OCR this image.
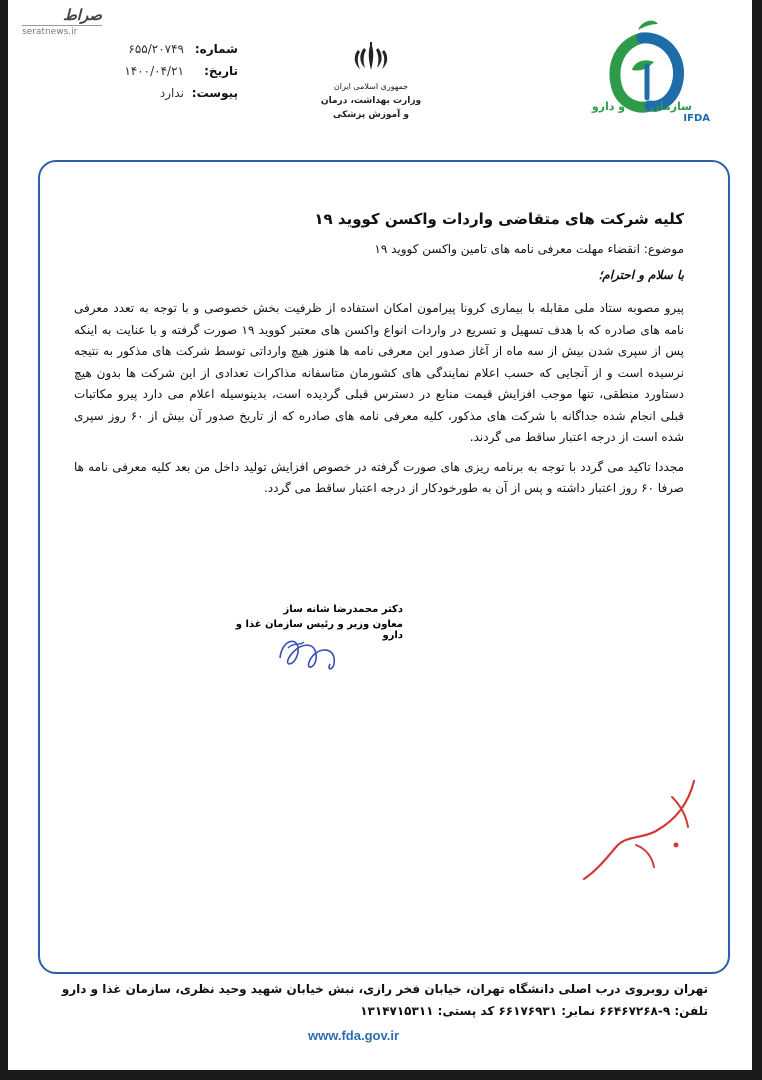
صراط
seratnews.ir
شماره:
۶۵۵/۲۰۷۴۹
تاریخ:
۱۴۰۰/۰۴/۲۱
پیوست:
ندارد	جمهوری اسلامی ایران
وزارت بهداشت، درمان
و آموزش پزشکی
سازمان غذا و دارو
IFDA
کلیه شرکت های متقاضی واردات واکسن کووید ۱۹
موضوع: انقضاء مهلت معرفی نامه های تامین واکسن کووید ۱۹
با سلام و احترام؛

پیرو مصوبه ستاد ملی مقابله با بیماری کرونا پیرامون امکان استفاده از ظرفیت بخش خصوصی و با توجه به تعدد معرفی نامه های صادره که با هدف تسهیل و تسریع در واردات انواع واکسن های معتبر کووید ۱۹ صورت گرفته و با عنایت به اینکه پس از سپری شدن بیش از سه ماه از آغاز صدور این معرفی نامه ها هنوز هیچ وارداتی توسط شرکت های مذکور به نتیجه نرسیده است و از آنجایی که حسب اعلام نمایندگی های کشورمان متاسفانه مذاکرات تعدادی از این شرکت ها بدون هیچ دستاورد منطقی، تنها موجب افزایش قیمت منابع در دسترس قبلی گردیده است، بدینوسیله اعلام می دارد پیرو مکاتبات قبلی انجام شده جداگانه با شرکت های مذکور، کلیه معرفی نامه های صادره که از تاریخ صدور آن بیش از ۶۰ روز سپری شده است از درجه اعتبار ساقط می گردند.

مجددا تاکید می گردد با توجه به برنامه ریزی های صورت گرفته در خصوص افزایش تولید داخل من بعد کلیه معرفی نامه ها صرفا ۶۰ روز اعتبار داشته و پس از آن به طورخودکار از درجه اعتبار ساقط می گردد.

دکتر محمدرضا شانه ساز
معاون وزیر و رئیس سازمان غذا و دارو
تهران روبروی درب اصلی دانشگاه تهران، خیابان فخر رازی، نبش خیابان شهید وحید نظری، سازمان غذا و دارو
تلفن: ۹-۶۶۴۶۷۲۶۸ نمابر: ۶۶۱۷۶۹۳۱ کد پستی: ۱۳۱۴۷۱۵۳۱۱
www.fda.gov.ir
